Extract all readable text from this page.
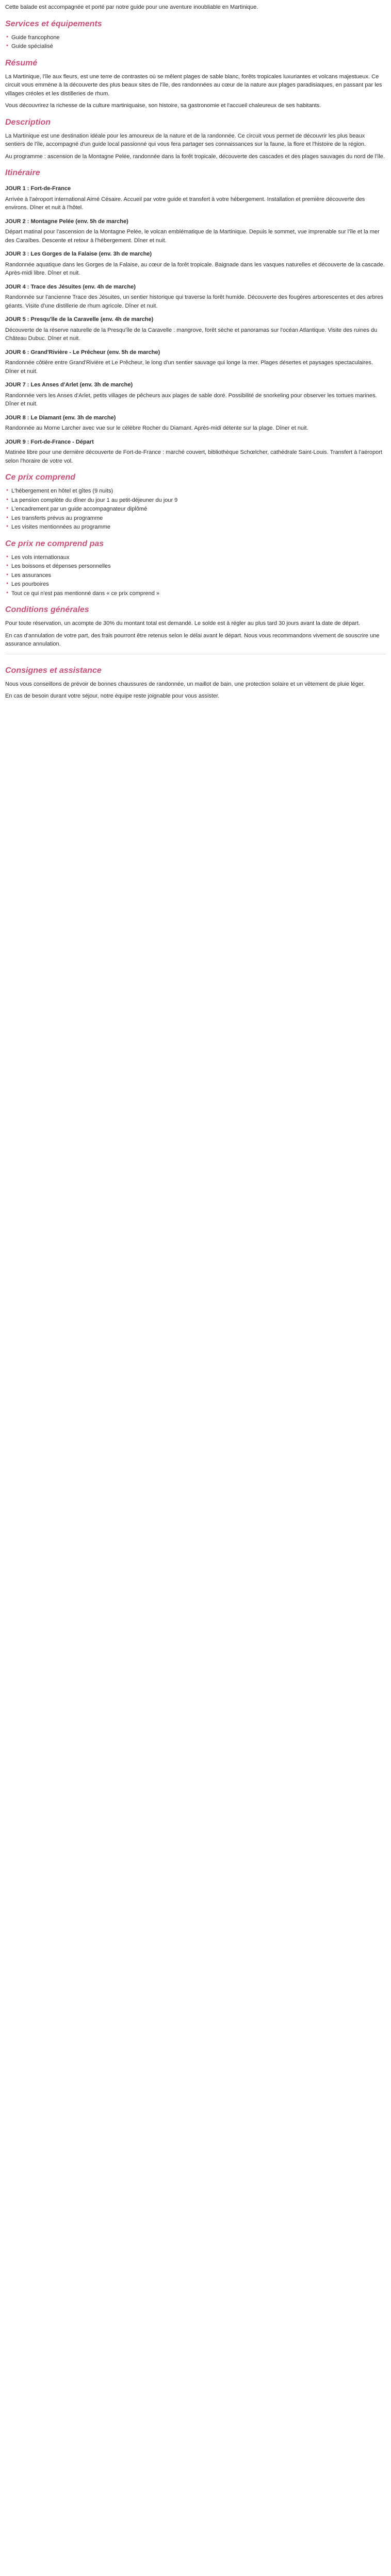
Cette balade est accompagnée et porté par notre guide pour une aventure inoubliable en Martinique.

Services et équipements
● Guide francophone
● Guide spécialisé
Résumé

La Martinique, l'île aux fleurs, est une terre de contrastes où se mêlent plages de sable blanc, forêts tropicales luxuriantes et volcans majestueux. Ce circuit vous emmène à la découverte des plus beaux sites de l'île, des randonnées au cœur de la nature aux plages paradisiaques, en passant par les villages créoles et les distilleries de rhum.

Vous découvrirez la richesse de la culture martiniquaise, son histoire, sa gastronomie et l'accueil chaleureux de ses habitants.

Description

La Martinique est une destination idéale pour les amoureux de la nature et de la randonnée. Ce circuit vous permet de découvrir les plus beaux sentiers de l'île, accompagné d'un guide local passionné qui vous fera partager ses connaissances sur la faune, la flore et l'histoire de la région.

Au programme : ascension de la Montagne Pelée, randonnée dans la forêt tropicale, découverte des cascades et des plages sauvages du nord de l'île.

Itinéraire
JOUR 1 : Fort-de-France

Arrivée à l'aéroport international Aimé Césaire. Accueil par votre guide et transfert à votre hébergement. Installation et première découverte des environs. Dîner et nuit à l'hôtel.

JOUR 2 : Montagne Pelée (env. 5h de marche)

Départ matinal pour l'ascension de la Montagne Pelée, le volcan emblématique de la Martinique. Depuis le sommet, vue imprenable sur l'île et la mer des Caraïbes. Descente et retour à l'hébergement. Dîner et nuit.

JOUR 3 : Les Gorges de la Falaise (env. 3h de marche)

Randonnée aquatique dans les Gorges de la Falaise, au cœur de la forêt tropicale. Baignade dans les vasques naturelles et découverte de la cascade. Après-midi libre. Dîner et nuit.

JOUR 4 : Trace des Jésuites (env. 4h de marche)

Randonnée sur l'ancienne Trace des Jésuites, un sentier historique qui traverse la forêt humide. Découverte des fougères arborescentes et des arbres géants. Visite d'une distillerie de rhum agricole. Dîner et nuit.

JOUR 5 : Presqu'île de la Caravelle (env. 4h de marche)

Découverte de la réserve naturelle de la Presqu'île de la Caravelle : mangrove, forêt sèche et panoramas sur l'océan Atlantique. Visite des ruines du Château Dubuc. Dîner et nuit.

JOUR 6 : Grand'Rivière - Le Prêcheur (env. 5h de marche)

Randonnée côtière entre Grand'Rivière et Le Prêcheur, le long d'un sentier sauvage qui longe la mer. Plages désertes et paysages spectaculaires. Dîner et nuit.

JOUR 7 : Les Anses d'Arlet (env. 3h de marche)

Randonnée vers les Anses d'Arlet, petits villages de pêcheurs aux plages de sable doré. Possibilité de snorkeling pour observer les tortues marines. Dîner et nuit.

JOUR 8 : Le Diamant (env. 3h de marche)

Randonnée au Morne Larcher avec vue sur le célèbre Rocher du Diamant. Après-midi détente sur la plage. Dîner et nuit.

JOUR 9 : Fort-de-France - Départ

Matinée libre pour une dernière découverte de Fort-de-France : marché couvert, bibliothèque Schœlcher, cathédrale Saint-Louis. Transfert à l'aéroport selon l'horaire de votre vol.

Ce prix comprend
● L'hébergement en hôtel et gîtes (9 nuits)
● La pension complète du dîner du jour 1 au petit-déjeuner du jour 9
● L'encadrement par un guide accompagnateur diplômé
● Les transferts prévus au programme
● Les visites mentionnées au programme
Ce prix ne comprend pas
● Les vols internationaux
● Les boissons et dépenses personnelles
● Les assurances
● Les pourboires
● Tout ce qui n'est pas mentionné dans « ce prix comprend »
Conditions générales

Pour toute réservation, un acompte de 30% du montant total est demandé. Le solde est à régler au plus tard 30 jours avant la date de départ.

En cas d'annulation de votre part, des frais pourront être retenus selon le délai avant le départ. Nous vous recommandons vivement de souscrire une assurance annulation.

Consignes et assistance

Nous vous conseillons de prévoir de bonnes chaussures de randonnée, un maillot de bain, une protection solaire et un vêtement de pluie léger.

En cas de besoin durant votre séjour, notre équipe reste joignable pour vous assister.
